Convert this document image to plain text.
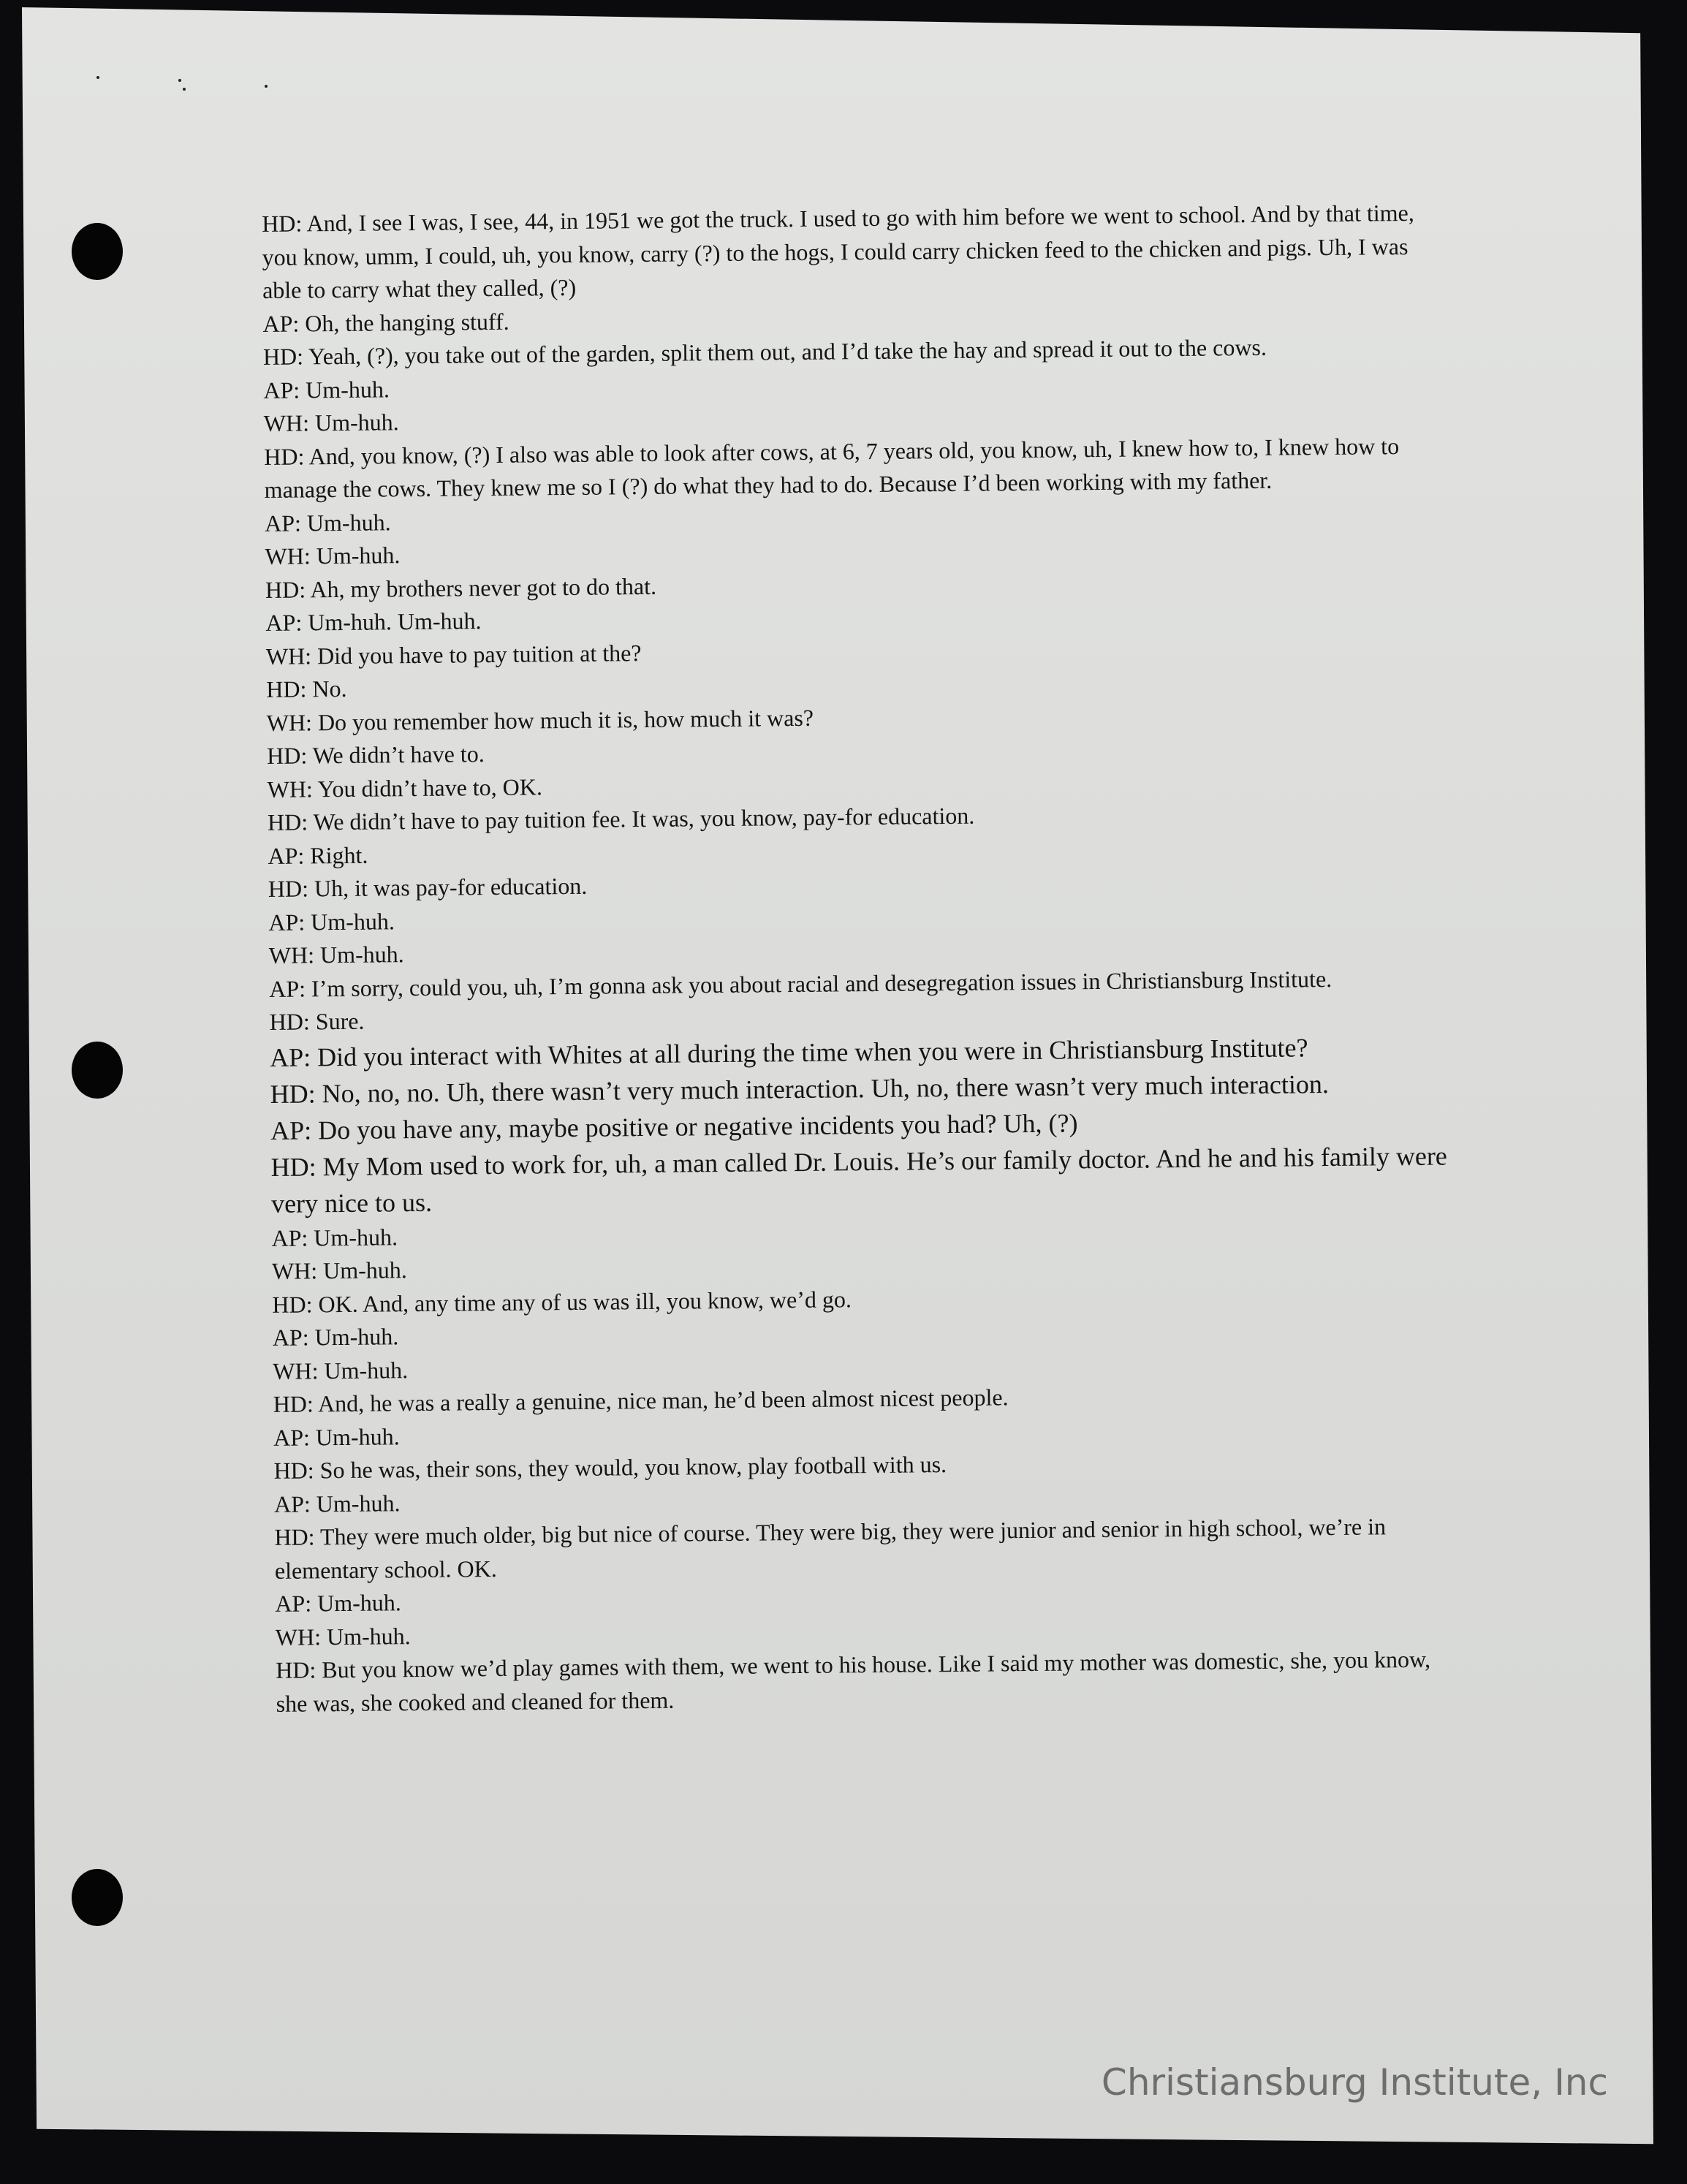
HD: And, I see I was, I see, 44, in 1951 we got the truck. I used to go with him before we went to school. And by that time, you know, umm, I could, uh, you know, carry (?) to the hogs, I could carry chicken feed to the chicken and pigs. Uh, I was able to carry what they called, (?)
AP: Oh, the hanging stuff.
HD: Yeah, (?), you take out of the garden, split them out, and I’d take the hay and spread it out to the cows.
AP: Um-huh.
WH: Um-huh.
HD: And, you know, (?) I also was able to look after cows, at 6, 7 years old, you know, uh, I knew how to, I knew how to manage the cows. They knew me so I (?) do what they had to do. Because I’d been working with my father.
AP: Um-huh.
WH: Um-huh.
HD: Ah, my brothers never got to do that.
AP: Um-huh. Um-huh.
WH: Did you have to pay tuition at the?
HD: No.
WH: Do you remember how much it is, how much it was?
HD: We didn’t have to.
WH: You didn’t have to, OK.
HD: We didn’t have to pay tuition fee. It was, you know, pay-for education.
AP: Right.
HD: Uh, it was pay-for education.
AP: Um-huh.
WH: Um-huh.
AP: I’m sorry, could you, uh, I’m gonna ask you about racial and desegregation issues in Christiansburg Institute.
HD: Sure.
AP: Did you interact with Whites at all during the time when you were in Christiansburg Institute?
HD: No, no, no. Uh, there wasn’t very much interaction. Uh, no, there wasn’t very much interaction.
AP: Do you have any, maybe positive or negative incidents you had? Uh, (?)
HD: My Mom used to work for, uh, a man called Dr. Louis. He’s our family doctor. And he and his family were very nice to us.
AP: Um-huh.
WH: Um-huh.
HD: OK. And, any time any of us was ill, you know, we’d go.
AP: Um-huh.
WH: Um-huh.
HD: And, he was a really a genuine, nice man, he’d been almost nicest people.
AP: Um-huh.
HD: So he was, their sons, they would, you know, play football with us.
AP: Um-huh.
HD: They were much older, big but nice of course. They were big, they were junior and senior in high school, we’re in elementary school. OK.
AP: Um-huh.
WH: Um-huh.
HD: But you know we’d play games with them, we went to his house. Like I said my mother was domestic, she, you know, she was, she cooked and cleaned for them.
Christiansburg Institute, Inc
